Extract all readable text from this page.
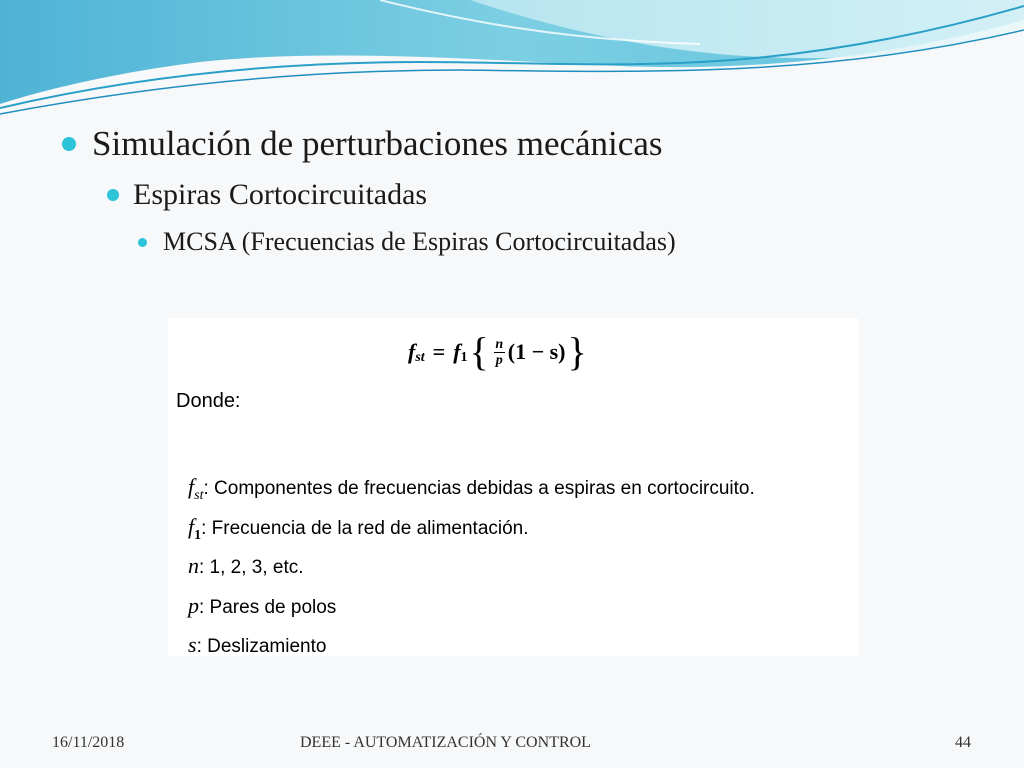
Simulación de perturbaciones mecánicas
Espiras Cortocircuitadas
MCSA (Frecuencias de Espiras Cortocircuitadas)
f st = f 1 { $\frac{n}{p} (1 - s)$ }
Donde:
$f_{st}$ : Componentes de frecuencias debidas a espiras en cortocircuito.
$f_1$ : Frecuencia de la red de alimentación.
n : 1, 2, 3, etc.
p : Pares de polos
s : Deslizamiento
16/11/2018	DEEE - AUTOMATIZACIÓN Y CONTROL	44
